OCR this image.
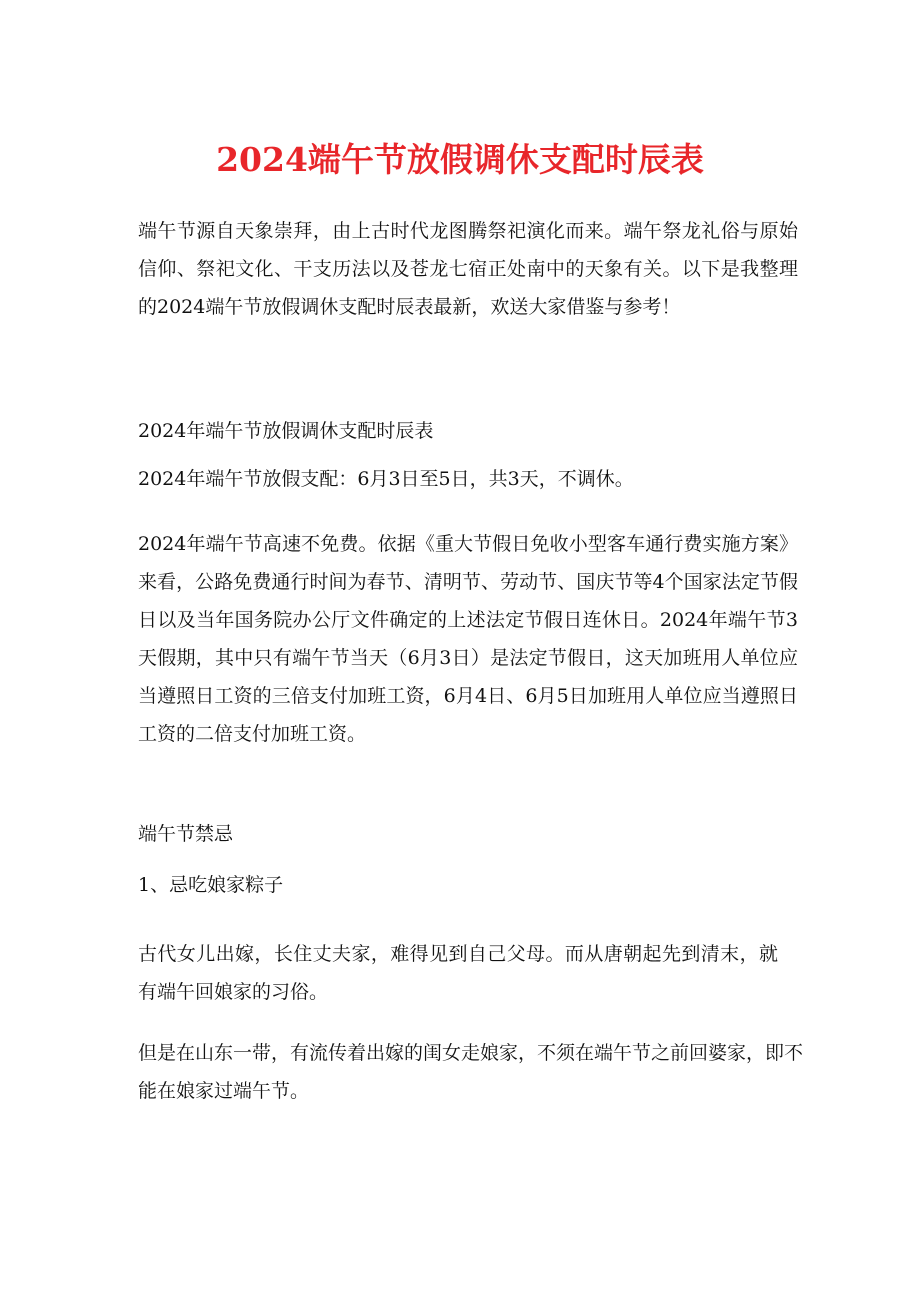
2024端午节放假调休支配时辰表
端午节源自天象崇拜，由上古时代龙图腾祭祀演化而来。端午祭龙礼俗与原始信仰、祭祀文化、干支历法以及苍龙七宿正处南中的天象有关。以下是我整理的2024端午节放假调休支配时辰表最新，欢送大家借鉴与参考！
2024年端午节放假调休支配时辰表
2024年端午节放假支配：6月3日至5日，共3天，不调休。
2024年端午节高速不免费。依据《重大节假日免收小型客车通行费实施方案》来看，公路免费通行时间为春节、清明节、劳动节、国庆节等4个国家法定节假日以及当年国务院办公厅文件确定的上述法定节假日连休日。2024年端午节3天假期，其中只有端午节当天（6月3日）是法定节假日，这天加班用人单位应当遵照日工资的三倍支付加班工资，6月4日、6月5日加班用人单位应当遵照日工资的二倍支付加班工资。
端午节禁忌
1、忌吃娘家粽子
古代女儿出嫁，长住丈夫家，难得见到自己父母。而从唐朝起先到清末，就有端午回娘家的习俗。
但是在山东一带，有流传着出嫁的闺女走娘家，不须在端午节之前回婆家，即不能在娘家过端午节。
